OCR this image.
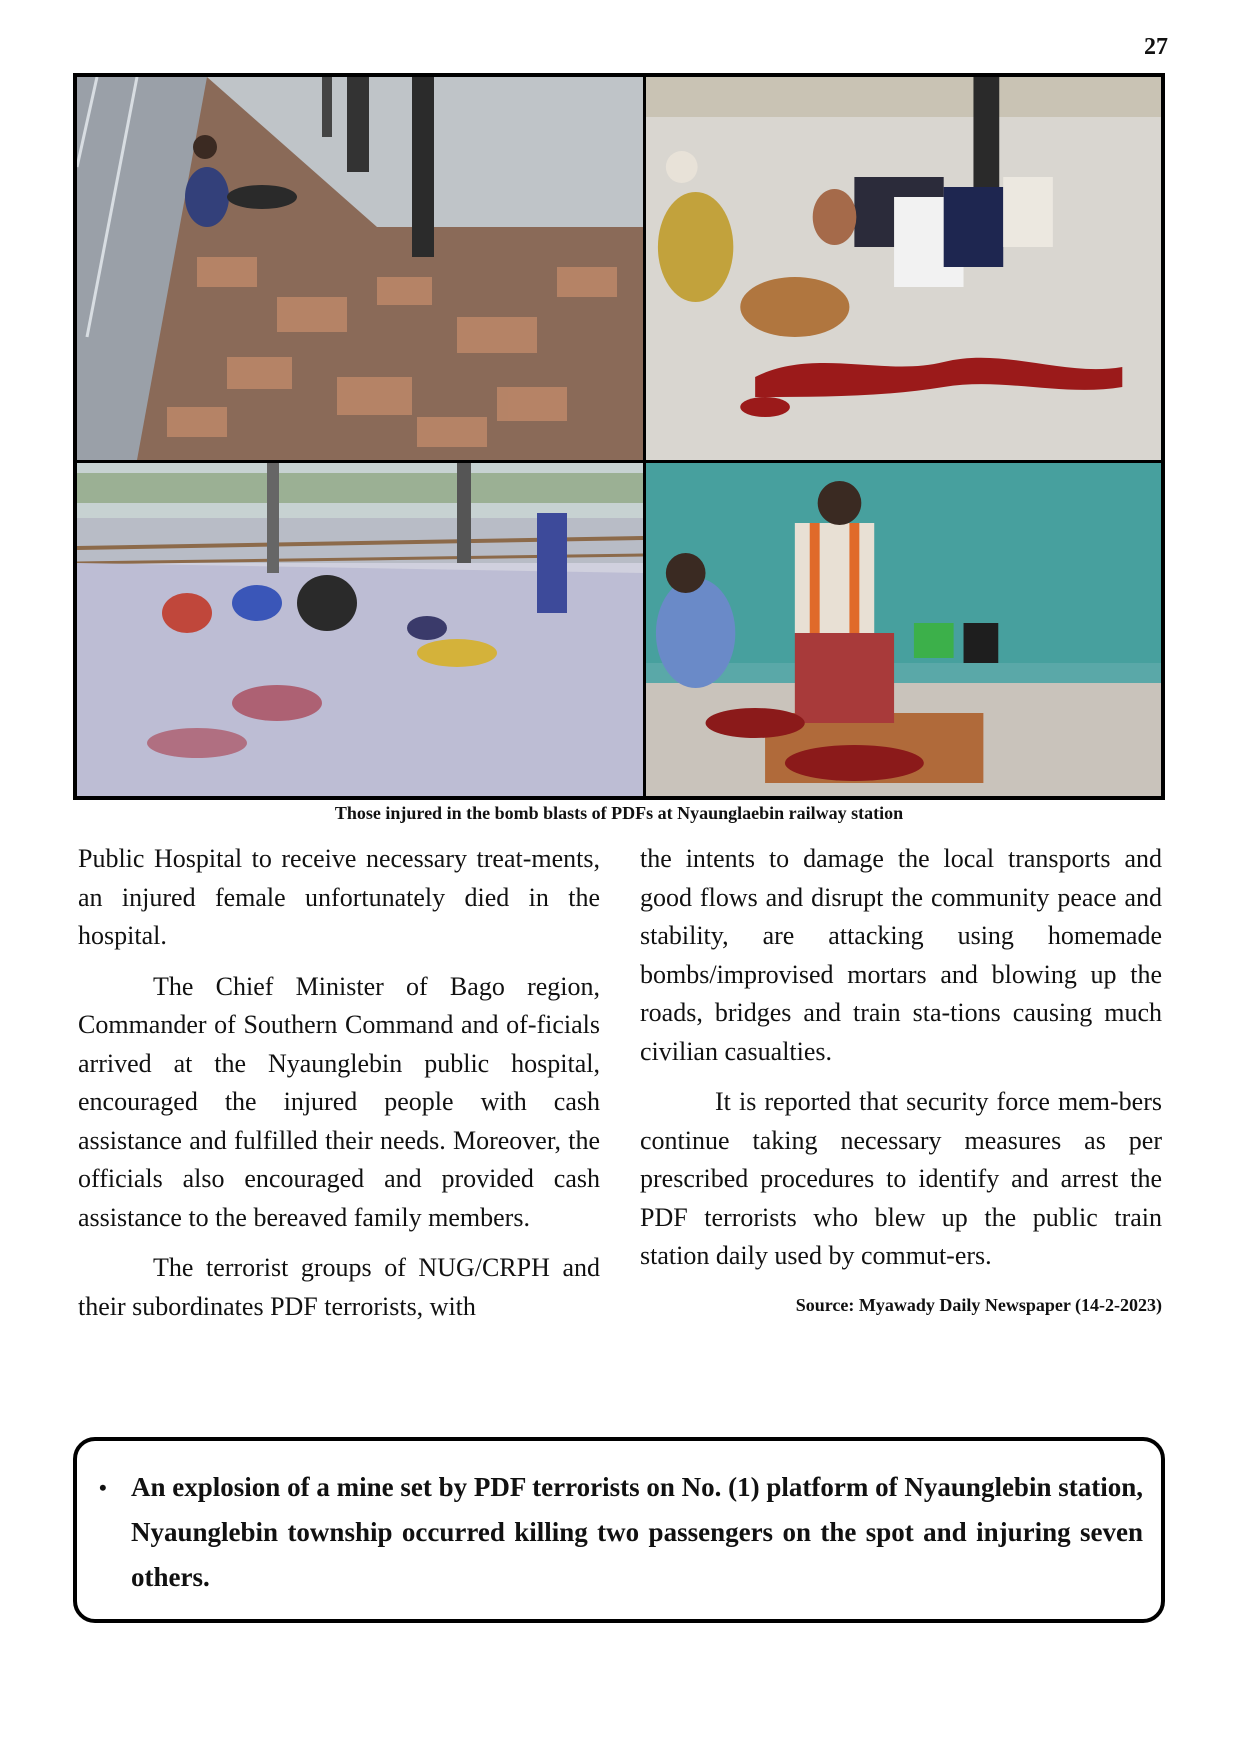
27
Those injured in the bomb blasts of PDFs at Nyaunglaebin railway station

Public Hospital to receive necessary treat-ments, an injured female unfortunately died in the hospital.

The Chief Minister of Bago region, Commander of Southern Command and of-ficials arrived at the Nyaunglebin public hospital, encouraged the injured people with cash assistance and fulfilled their needs. Moreover, the officials also encouraged and provided cash assistance to the bereaved family members.

The terrorist groups of NUG/CRPH and their subordinates PDF terrorists, with

the intents to damage the local transports and good flows and disrupt the community peace and stability, are attacking using homemade bombs/improvised mortars and blowing up the roads, bridges and train sta-tions causing much civilian casualties.

It is reported that security force mem-bers continue taking necessary measures as per prescribed procedures to identify and arrest the PDF terrorists who blew up the public train station daily used by commut-ers.

Source: Myawady Daily Newspaper (14-2-2023)
• An explosion of a mine set by PDF terrorists on No. (1) platform of Nyaunglebin station, Nyaunglebin township occurred killing two passengers on the spot and injuring seven others.
